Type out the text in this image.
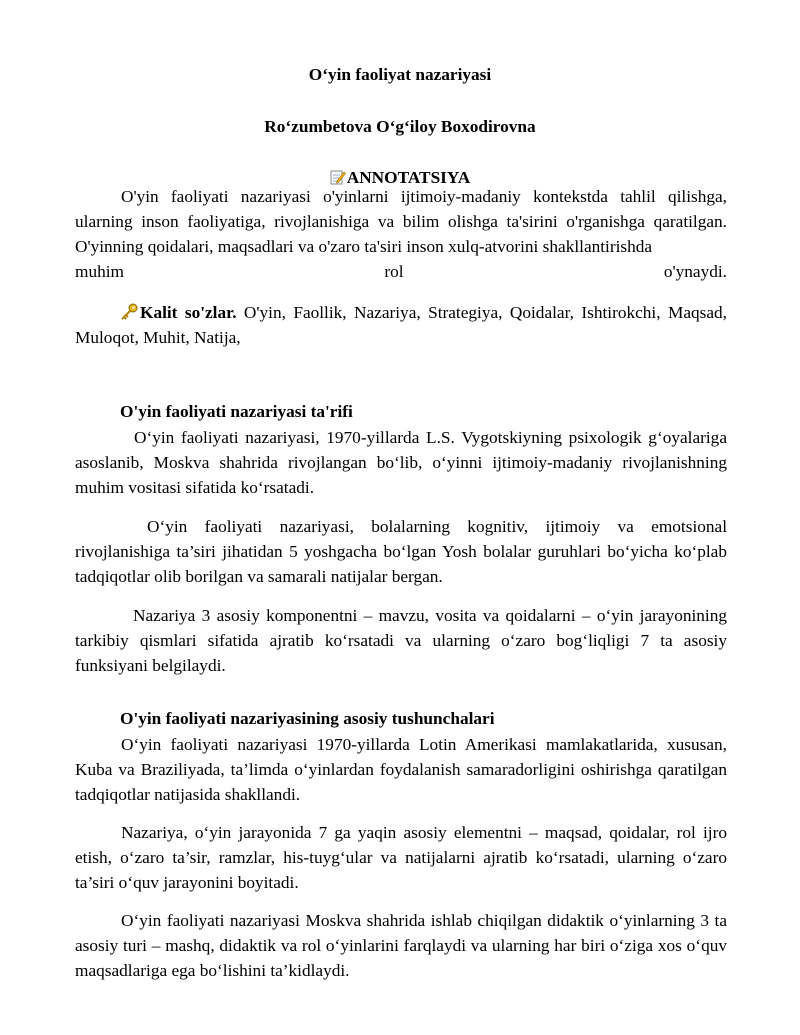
O‘yin faoliyat nazariyasi
Ro‘zumbetova O‘g‘iloy Boxodirovna
ANNOTATSIYA
O'yin faoliyati nazariyasi o'yinlarni ijtimoiy-madaniy kontekstda tahlil qilishga, ularning inson faoliyatiga, rivojlanishiga va bilim olishga ta'sirini o'rganishga qaratilgan. O'yinning qoidalari, maqsadlari va o'zaro ta'siri inson xulq-atvorini shakllantirishda
muhim	rol	o'ynaydi.
Kalit so'zlar. O'yin, Faollik, Nazariya, Strategiya, Qoidalar, Ishtirokchi, Maqsad, Muloqot, Muhit, Natija,
O'yin faoliyati nazariyasi ta'rifi
O‘yin faoliyati nazariyasi, 1970-yillarda L.S. Vygotskiyning psixologik g‘oyalariga asoslanib, Moskva shahrida rivojlangan bo‘lib, o‘yinni ijtimoiy-madaniy rivojlanishning muhim vositasi sifatida ko‘rsatadi.
O‘yin faoliyati nazariyasi, bolalarning kognitiv, ijtimoiy va emotsional rivojlanishiga ta’siri jihatidan 5 yoshgacha bo‘lgan Yosh bolalar guruhlari bo‘yicha ko‘plab tadqiqotlar olib borilgan va samarali natijalar bergan.
Nazariya 3 asosiy komponentni – mavzu, vosita va qoidalarni – o‘yin jarayonining tarkibiy qismlari sifatida ajratib ko‘rsatadi va ularning o‘zaro bog‘liqligi 7 ta asosiy funksiyani belgilaydi.
O'yin faoliyati nazariyasining asosiy tushunchalari
O‘yin faoliyati nazariyasi 1970-yillarda Lotin Amerikasi mamlakatlarida, xususan, Kuba va Braziliyada, ta’limda o‘yinlardan foydalanish samaradorligini oshirishga qaratilgan tadqiqotlar natijasida shakllandi.
Nazariya, o‘yin jarayonida 7 ga yaqin asosiy elementni – maqsad, qoidalar, rol ijro etish, o‘zaro ta’sir, ramzlar, his-tuyg‘ular va natijalarni ajratib ko‘rsatadi, ularning o‘zaro ta’siri o‘quv jarayonini boyitadi.
O‘yin faoliyati nazariyasi Moskva shahrida ishlab chiqilgan didaktik o‘yinlarning 3 ta asosiy turi – mashq, didaktik va rol o‘yinlarini farqlaydi va ularning har biri o‘ziga xos o‘quv maqsadlariga ega bo‘lishini ta’kidlaydi.
